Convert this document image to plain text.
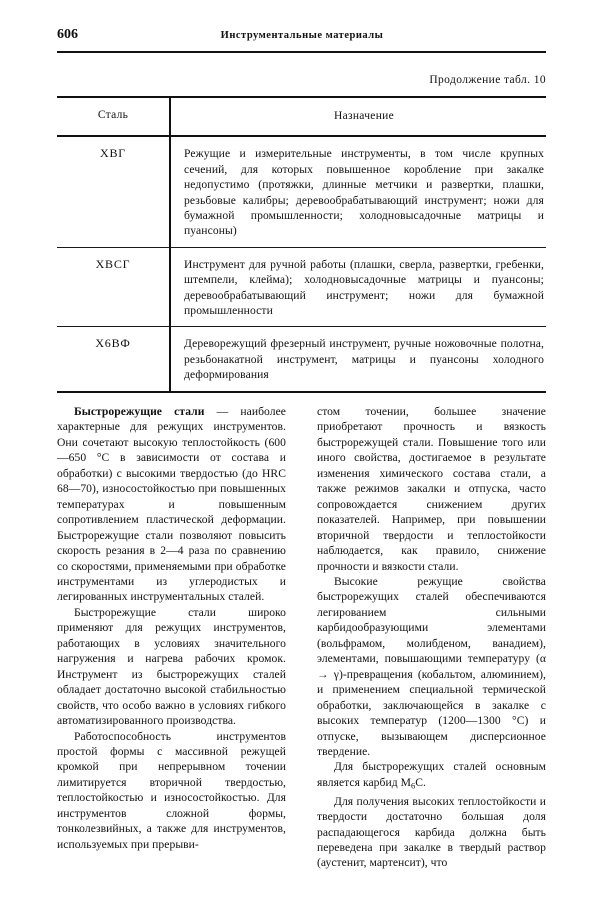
606	Инструментальные материалы
Продолжение табл. 10
Сталь	Назначение
ХВГ	Режущие и измерительные инструменты, в том числе крупных сечений, для которых повышенное коробление при закалке недопустимо (протяжки, длинные метчики и развертки, плашки, резьбовые калибры; деревообрабатывающий инструмент; ножи для бумажной промышленности; холодновысадочные матрицы и пуансоны)
ХВСГ	Инструмент для ручной работы (плашки, сверла, развертки, гребенки, штемпели, клейма); холодновысадочные матрицы и пуансоны; деревообрабатывающий инструмент; ножи для бумажной промышленности
Х6ВФ	Дереворежущий фрезерный инструмент, ручные ножовочные полотна, резьбонакатной инструмент, матрицы и пуансоны холодного деформирования

Быстрорежущие стали — наиболее характерные для режущих инструментов. Они сочетают высокую теплостойкость (600—650 °С в зависимости от состава и обработки) с высокими твердостью (до HRC 68—70), износостойкостью при повышенных температурах и повышенным сопротивлением пластической деформации. Быстрорежущие стали позволяют повысить скорость резания в 2—4 раза по сравнению со скоростями, применяемыми при обработке инструментами из углеродистых и легированных инструментальных сталей.

Быстрорежущие стали широко применяют для режущих инструментов, работающих в условиях значительного нагружения и нагрева рабочих кромок. Инструмент из быстрорежущих сталей обладает достаточно высокой стабильностью свойств, что особо важно в условиях гибкого автоматизированного производства.

Работоспособность инструментов простой формы с массивной режущей кромкой при непрерывном точении лимитируется вторичной твердостью, теплостойкостью и износостойкостью. Для инструментов сложной формы, тонколезвийных, а также для инструментов, используемых при прерыви-

стом точении, большее значение приобретают прочность и вязкость быстрорежущей стали. Повышение того или иного свойства, достигаемое в результате изменения химического состава стали, а также режимов закалки и отпуска, часто сопровождается снижением других показателей. Например, при повышении вторичной твердости и теплостойкости наблюдается, как правило, снижение прочности и вязкости стали.

Высокие режущие свойства быстрорежущих сталей обеспечиваются легированием сильными карбидообразующими элементами (вольфрамом, молибденом, ванадием), элементами, повышающими температуру (α → γ)-превращения (кобальтом, алюминием), и применением специальной термической обработки, заключающейся в закалке с высоких температур (1200—1300 °С) и отпуске, вызывающем дисперсионное твердение.

Для быстрорежущих сталей основным является карбид $M_6С$.

Для получения высоких теплостойкости и твердости достаточно большая доля распадающегося карбида должна быть переведена при закалке в твердый раствор (аустенит, мартенсит), что
